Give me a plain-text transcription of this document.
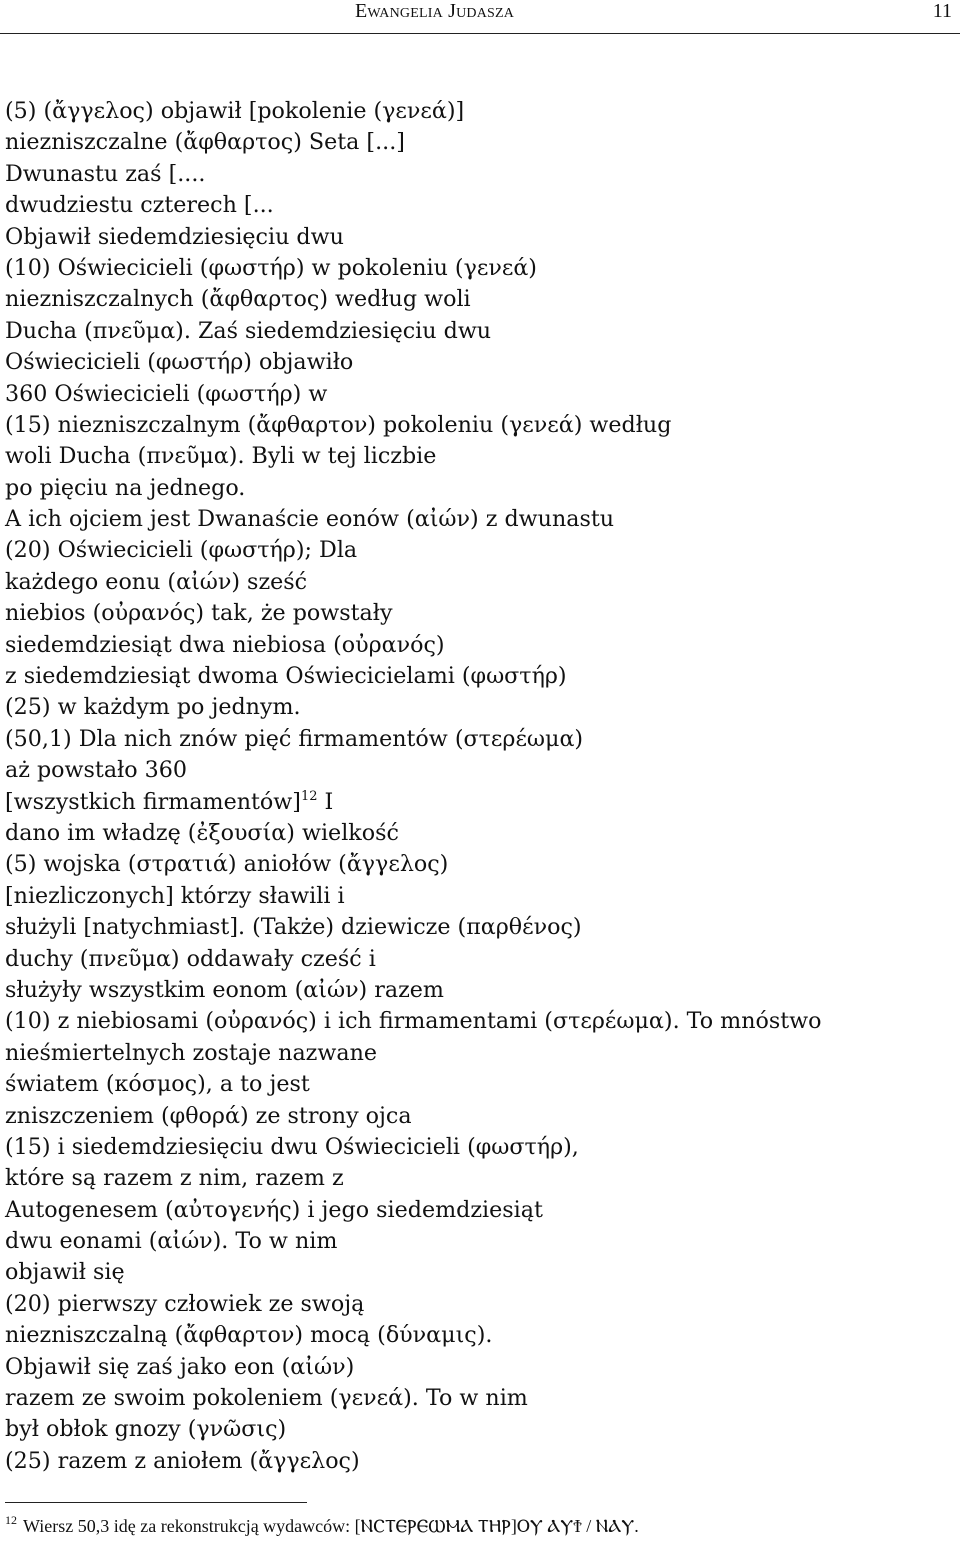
Ewangelia Judasza	11
(5) (ἄγγελος) objawił [pokolenie (γενεά)]
niezniszczalne (ἄφθαρτος) Seta [...]
Dwunastu zaś [....
dwudziestu czterech [...
Objawił siedemdziesięciu dwu
(10) Oświecicieli (φωστήρ) w pokoleniu (γενεά)
niezniszczalnych (ἄφθαρτος) według woli
Ducha (πνεῦμα). Zaś siedemdziesięciu dwu
Oświecicieli (φωστήρ) objawiło
360 Oświecicieli (φωστήρ) w
(15) niezniszczalnym (ἄφθαρτον) pokoleniu (γενεά) według
woli Ducha (πνεῦμα). Byli w tej liczbie
po pięciu na jednego.
A ich ojciem jest Dwanaście eonów (αἰών) z dwunastu
(20) Oświecicieli (φωστήρ); Dla
każdego eonu (αἰών) sześć
niebios (οὐρανός) tak, że powstały
siedemdziesiąt dwa niebiosa (οὐρανός)
z siedemdziesiąt dwoma Oświecicielami (φωστήρ)
(25) w każdym po jednym.
(50,1) Dla nich znów pięć firmamentów (στερέωμα)
aż powstało 360
[wszystkich firmamentów]$^{12}$ I
dano im władzę (ἐξουσία) wielkość
(5) wojska (στρατιά) aniołów (ἄγγελος)
[niezliczonych] którzy sławili i
służyli [natychmiast]. (Także) dziewicze (παρθένος)
duchy (πνεῦμα) oddawały cześć i
służyły wszystkim eonom (αἰών) razem
(10) z niebiosami (οὐρανός) i ich firmamentami (στερέωμα). To mnóstwo
nieśmiertelnych zostaje nazwane
światem (κόσμος), a to jest
zniszczeniem (φθορά) ze strony ojca
(15) i siedemdziesięciu dwu Oświecicieli (φωστήρ),
które są razem z nim, razem z
Autogenesem (αὐτογενής) i jego siedemdziesiąt
dwu eonami (αἰών). To w nim
objawił się
(20) pierwszy człowiek ze swoją
niezniszczalną (ἄφθαρτον) mocą (δύναμις).
Objawił się zaś jako eon (αἰών)
razem ze swoim pokoleniem (γενεά). To w nim
był obłok gnozy (γνῶσις)
(25) razem z aniołem (ἄγγελος)
$^{12}$ Wiersz 50,3 idę za rekonstrukcją wydawców: [ⲚⲤⲦⲈⲢⲈⲰⲘⲀ ⲦⲎⲢ]ⲞⲨ ⲀⲨϮ / ⲚⲀⲨ.
